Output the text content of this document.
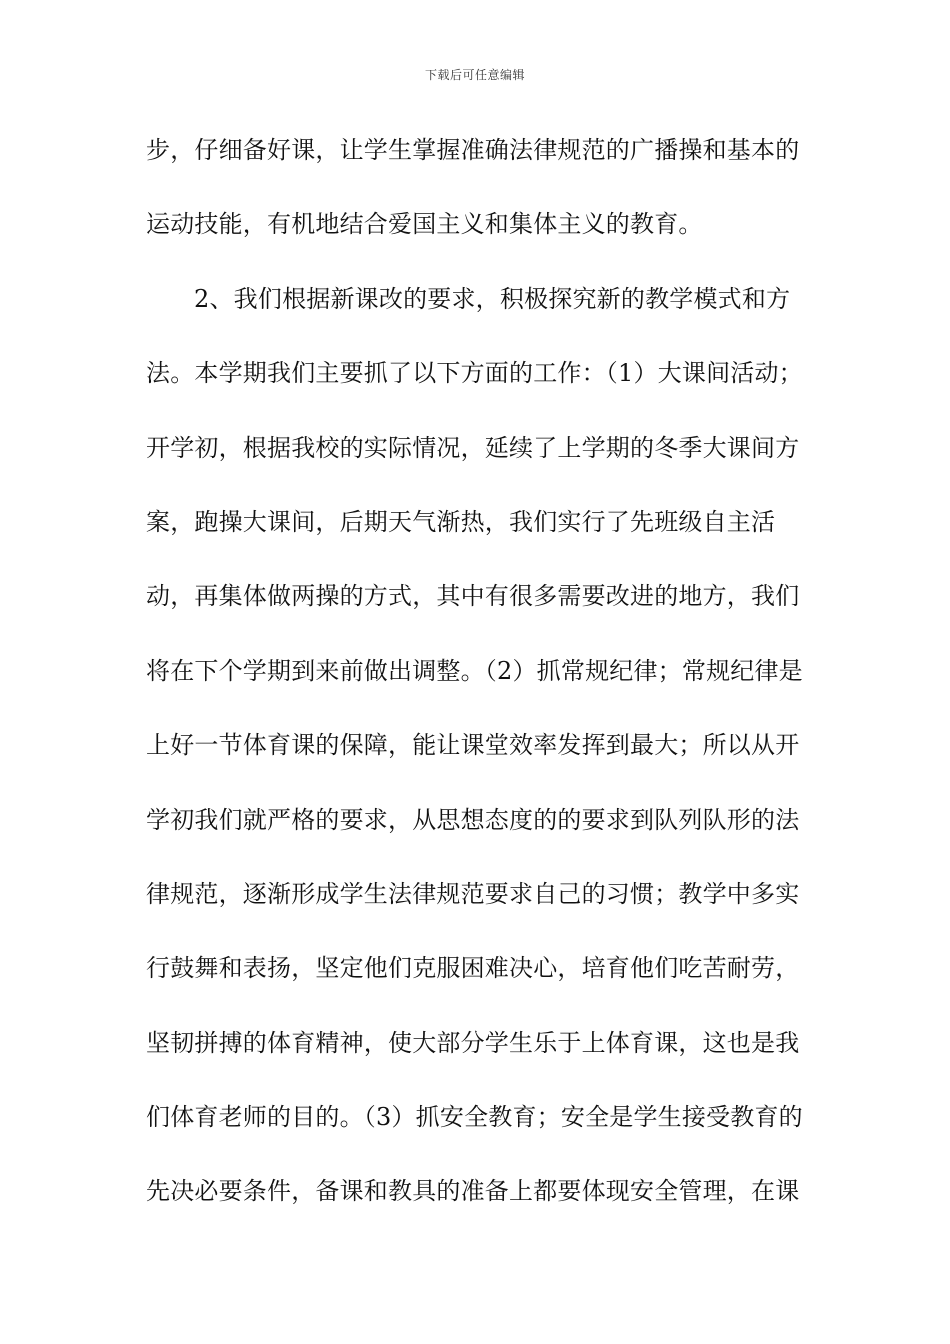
下载后可任意编辑
步，仔细备好课，让学生掌握准确法律规范的广播操和基本的
运动技能，有机地结合爱国主义和集体主义的教育。
2、我们根据新课改的要求，积极探究新的教学模式和方
法。本学期我们主要抓了以下方面的工作：（1）大课间活动；
开学初，根据我校的实际情况，延续了上学期的冬季大课间方
案，跑操大课间，后期天气渐热，我们实行了先班级自主活
动，再集体做两操的方式，其中有很多需要改进的地方，我们
将在下个学期到来前做出调整。（2）抓常规纪律；常规纪律是
上好一节体育课的保障，能让课堂效率发挥到最大；所以从开
学初我们就严格的要求，从思想态度的的要求到队列队形的法
律规范，逐渐形成学生法律规范要求自己的习惯；教学中多实
行鼓舞和表扬，坚定他们克服困难决心，培育他们吃苦耐劳，
坚韧拼搏的体育精神，使大部分学生乐于上体育课，这也是我
们体育老师的目的。（3）抓安全教育；安全是学生接受教育的
先决必要条件，备课和教具的准备上都要体现安全管理，在课
